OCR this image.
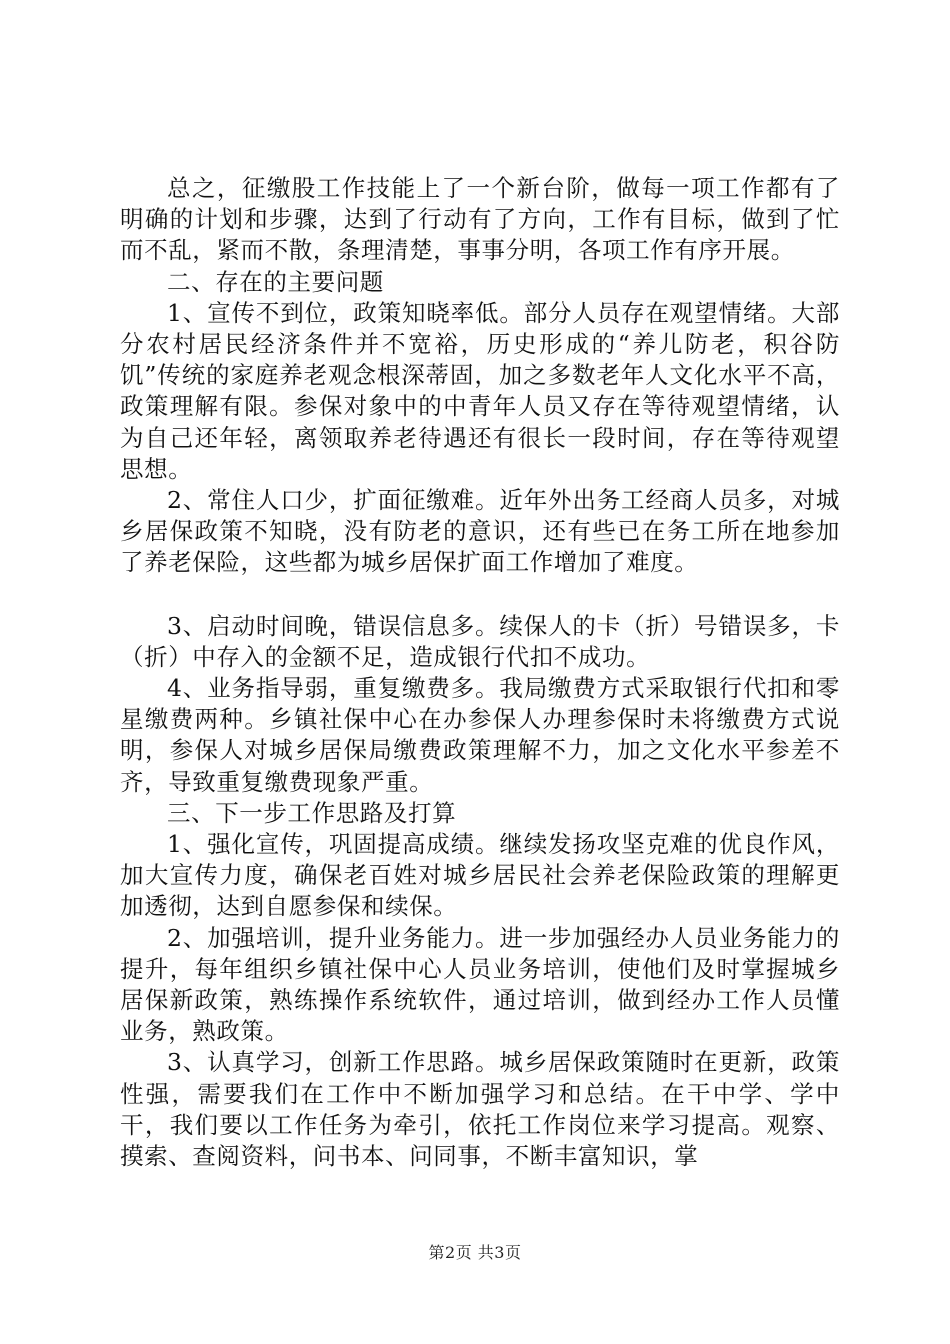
总之，征缴股工作技能上了一个新台阶，做每一项工作都有了明确的计划和步骤，达到了行动有了方向，工作有目标，做到了忙而不乱，紧而不散，条理清楚，事事分明，各项工作有序开展。

二、存在的主要问题

1、宣传不到位，政策知晓率低。部分人员存在观望情绪。大部分农村居民经济条件并不宽裕，历史形成的“养儿防老，积谷防饥”传统的家庭养老观念根深蒂固，加之多数老年人文化水平不高，政策理解有限。参保对象中的中青年人员又存在等待观望情绪，认为自己还年轻，离领取养老待遇还有很长一段时间，存在等待观望思想。

2、常住人口少，扩面征缴难。近年外出务工经商人员多，对城乡居保政策不知晓，没有防老的意识，还有些已在务工所在地参加了养老保险，这些都为城乡居保扩面工作增加了难度。

3、启动时间晚，错误信息多。续保人的卡（折）号错误多，卡（折）中存入的金额不足，造成银行代扣不成功。

4、业务指导弱，重复缴费多。我局缴费方式采取银行代扣和零星缴费两种。乡镇社保中心在办参保人办理参保时未将缴费方式说明，参保人对城乡居保局缴费政策理解不力，加之文化水平参差不齐，导致重复缴费现象严重。

三、下一步工作思路及打算

1、强化宣传，巩固提高成绩。继续发扬攻坚克难的优良作风，加大宣传力度，确保老百姓对城乡居民社会养老保险政策的理解更加透彻，达到自愿参保和续保。

2、加强培训，提升业务能力。进一步加强经办人员业务能力的提升，每年组织乡镇社保中心人员业务培训，使他们及时掌握城乡居保新政策，熟练操作系统软件，通过培训，做到经办工作人员懂业务，熟政策。

3、认真学习，创新工作思路。城乡居保政策随时在更新，政策性强，需要我们在工作中不断加强学习和总结。在干中学、学中干，我们要以工作任务为牵引，依托工作岗位来学习提高。观察、摸索、查阅资料，问书本、问同事，不断丰富知识，掌

第2页 共3页
